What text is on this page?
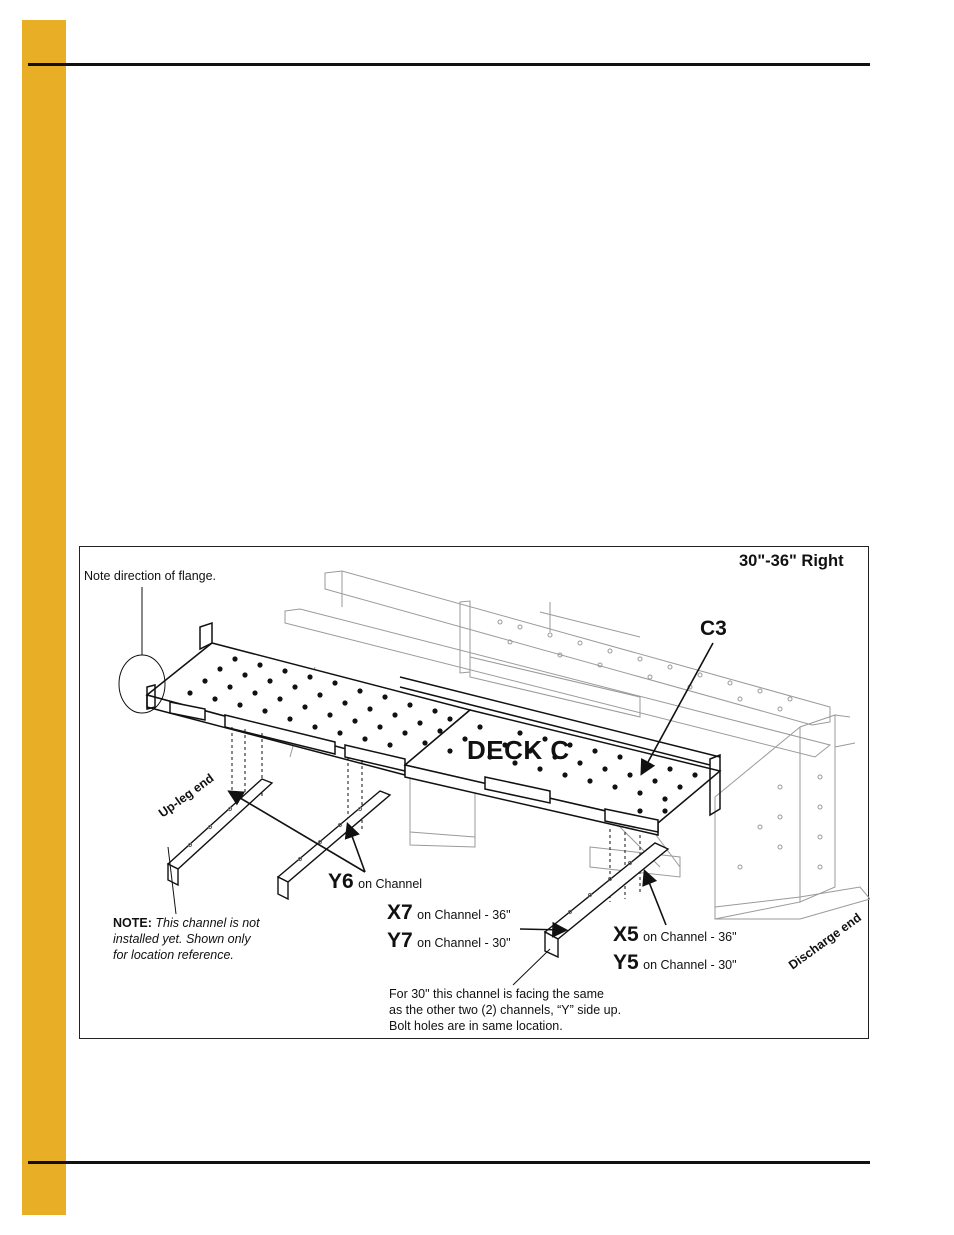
30"-36" Right
Note direction of flange.
C3
DECK C
Up-leg end
Discharge end
Y6 on Channel
X7 on Channel - 36"
Y7 on Channel - 30"	X5 on Channel - 36"
Y5 on Channel - 30"
NOTE: This channel is not
installed yet. Shown only
for location reference.
For 30" this channel is facing the same
as the other two (2) channels, “Y” side up.
Bolt holes are in same location.
